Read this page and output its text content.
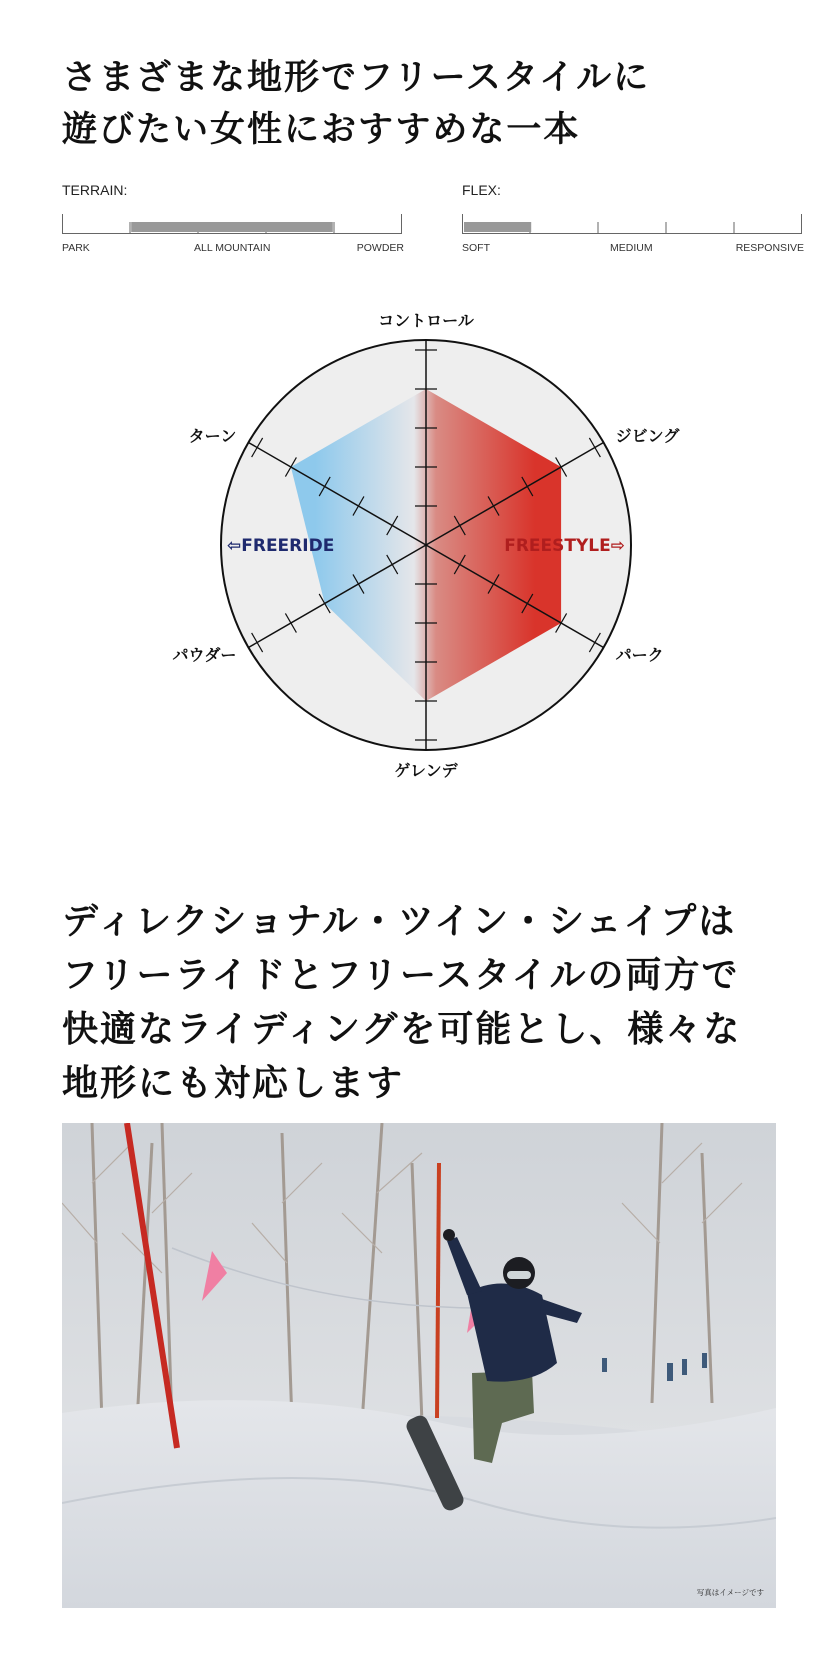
さまざまな地形でフリースタイルに
遊びたい女性におすすめな一本
TERRAIN:
PARK	ALL MOUNTAIN	POWDER
FLEX:
SOFT	MEDIUM	RESPONSIVE
コントロール
ジビング
パーク
ゲレンデ
パウダー
ターン
⇦FREERIDE	FREESTYLE⇨
ディレクショナル・ツイン・シェイプは
フリーライドとフリースタイルの両方で
快適なライディングを可能とし、様々な
地形にも対応します
写真はイメージです
